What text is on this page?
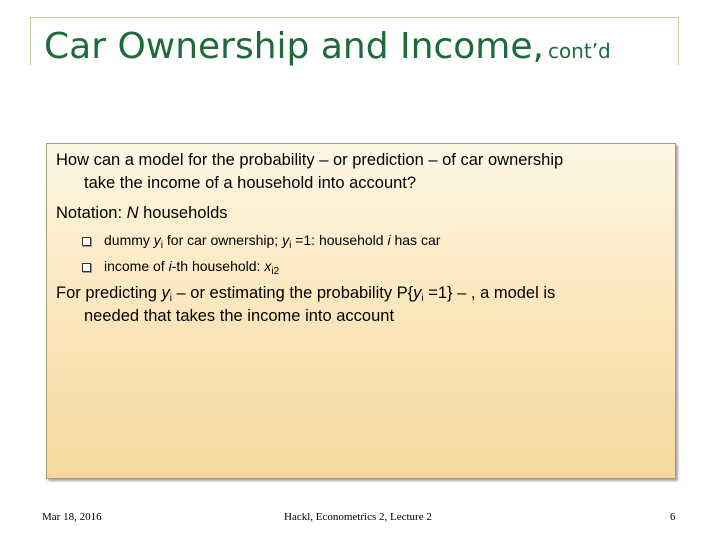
Car Ownership and Income, cont’d
How can a model for the probability – or prediction – of car ownership
take the income of a household into account?
Notation: N households
dummy $y_i$ for car ownership; $y_i =1$: household i has car
income of i-th household: $x_{i2}$
For predicting $y_i$ – or estimating the probability $P\{y_i =1\}$ – , a model is
needed that takes the income into account
Mar 18, 2016	Hackl, Econometrics 2, Lecture 2	6
